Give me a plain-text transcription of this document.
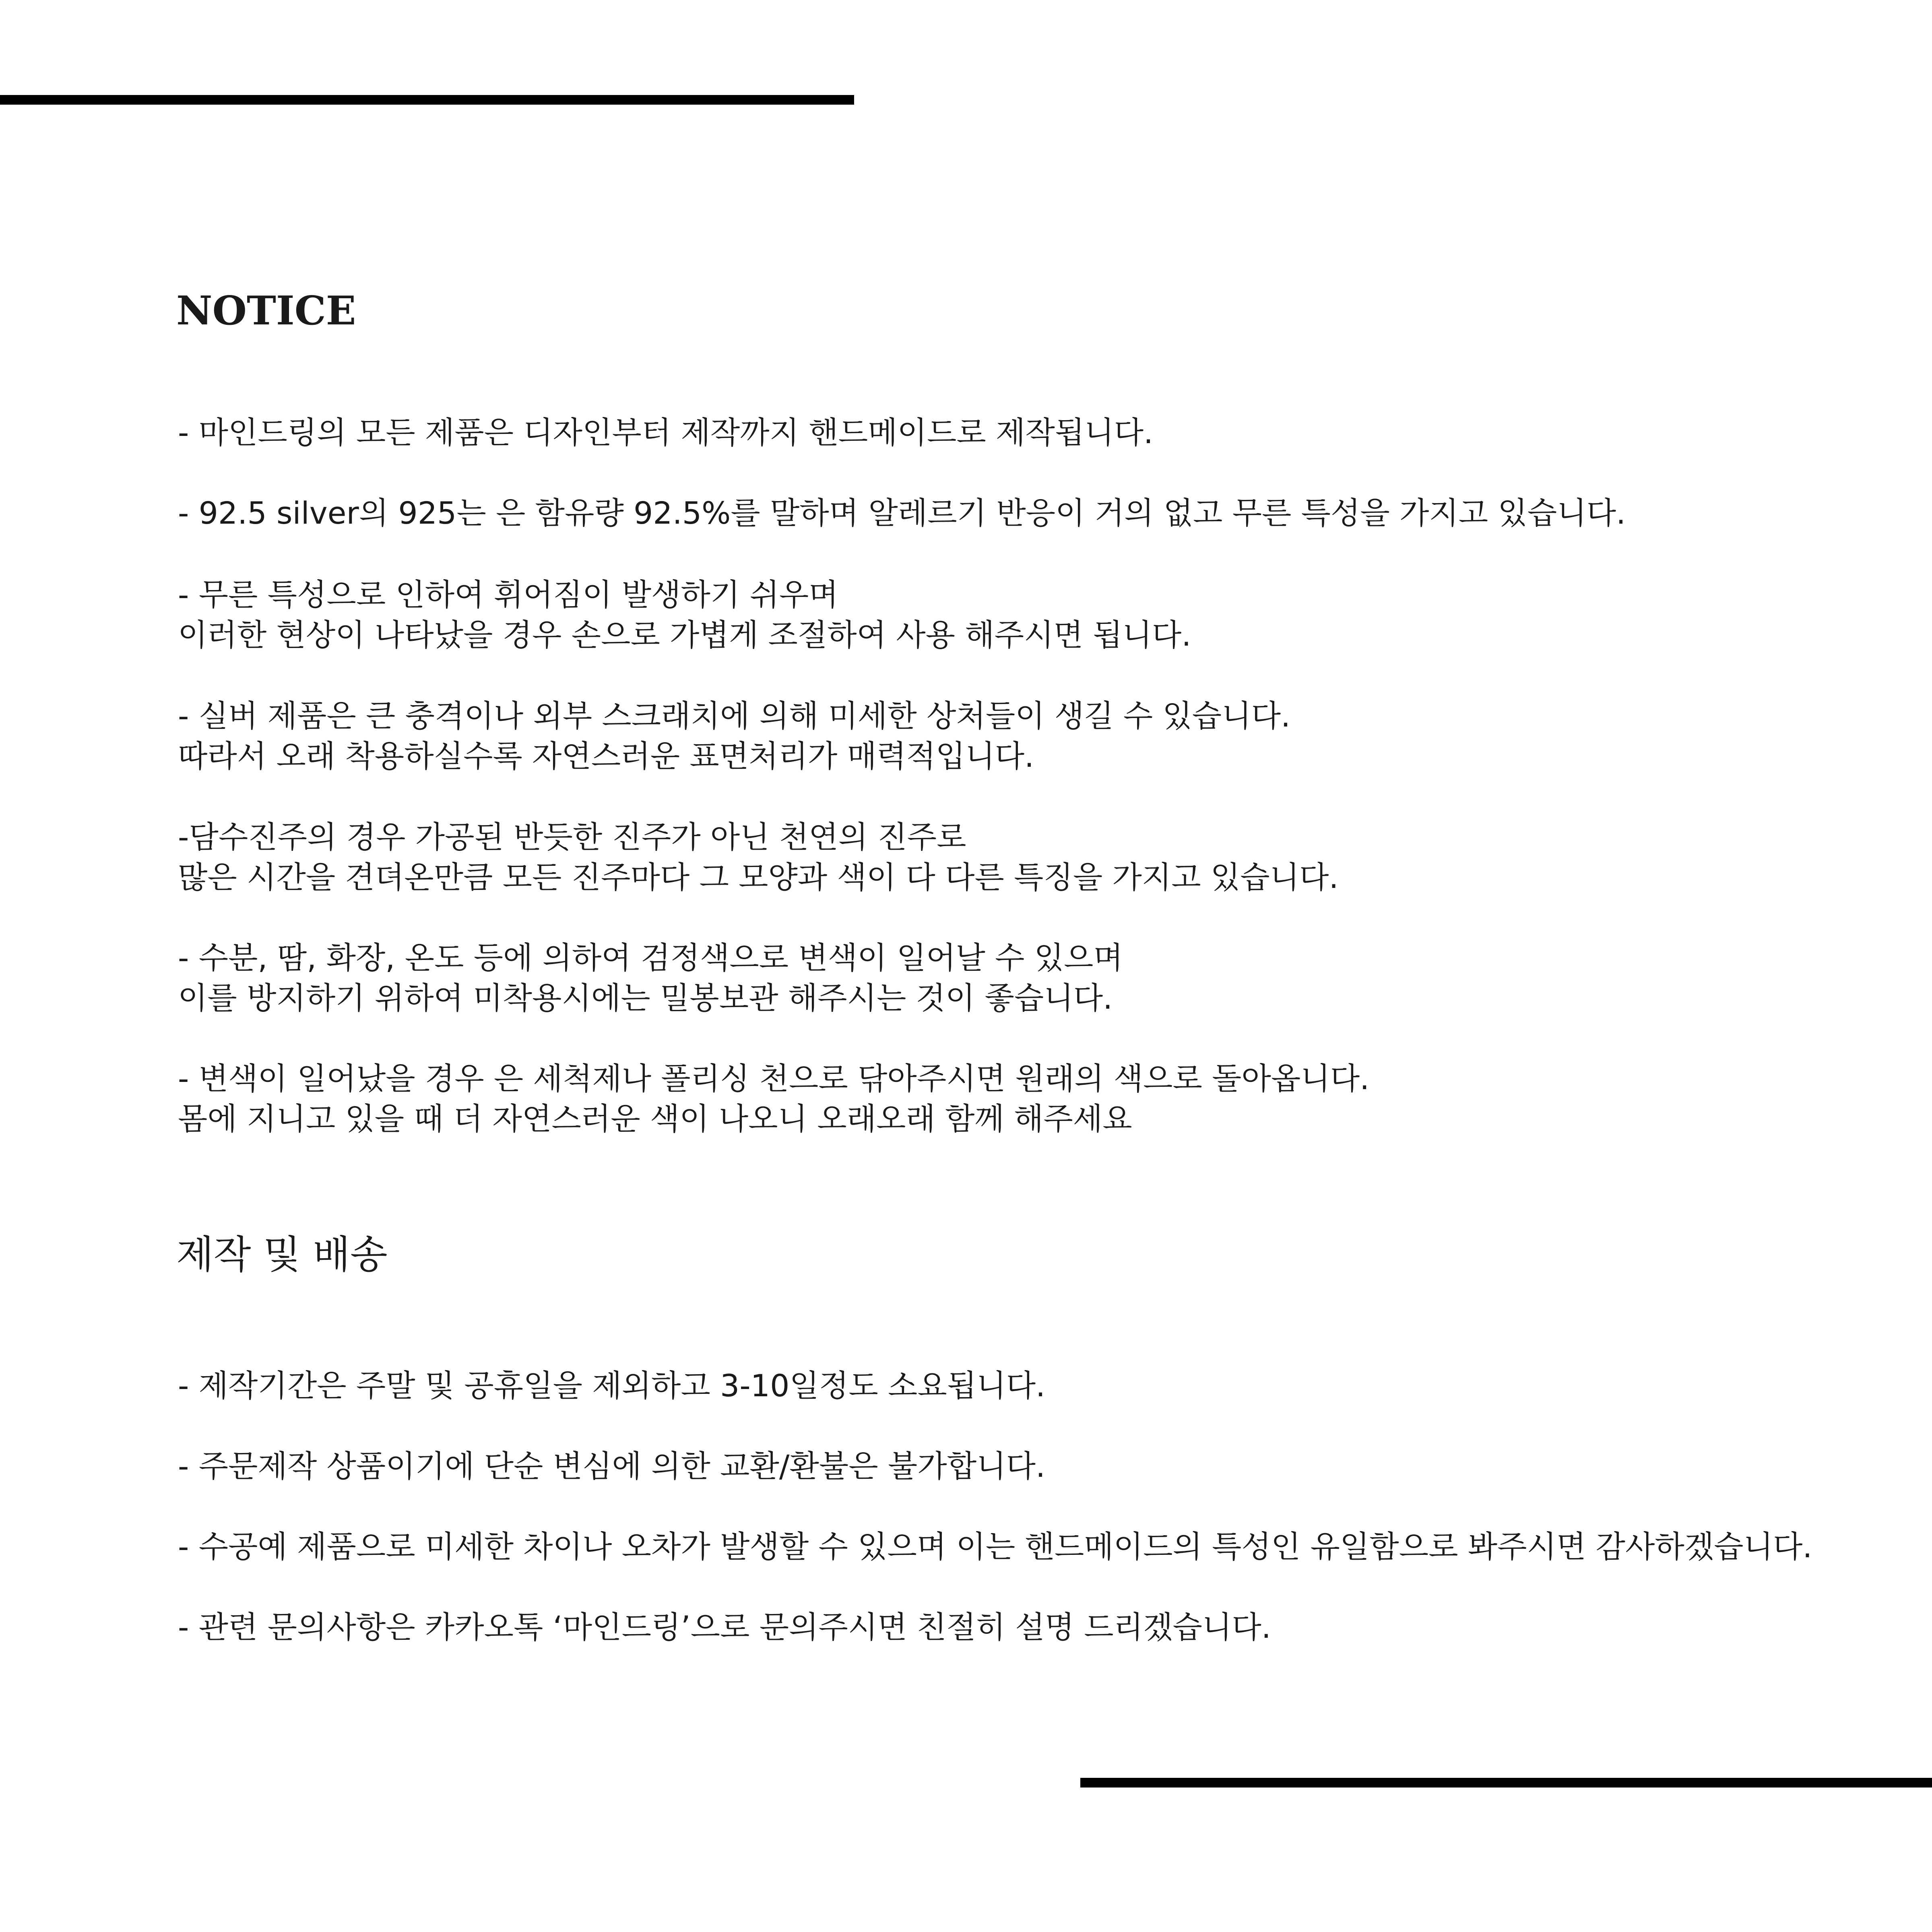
NOTICE
- 마인드링의 모든 제품은 디자인부터 제작까지 핸드메이드로 제작됩니다.
- 92.5 silver의 925는 은 함유량 92.5%를 말하며 알레르기 반응이 거의 없고 무른 특성을 가지고 있습니다.
- 무른 특성으로 인하여 휘어짐이 발생하기 쉬우며
이러한 현상이 나타났을 경우 손으로 가볍게 조절하여 사용 해주시면 됩니다.
- 실버 제품은 큰 충격이나 외부 스크래치에 의해 미세한 상처들이 생길 수 있습니다.
따라서 오래 착용하실수록 자연스러운 표면처리가 매력적입니다.
-담수진주의 경우 가공된 반듯한 진주가 아닌 천연의 진주로
많은 시간을 견뎌온만큼 모든 진주마다 그 모양과 색이 다 다른 특징을 가지고 있습니다.
- 수분, 땀, 화장, 온도 등에 의하여 검정색으로 변색이 일어날 수 있으며
이를 방지하기 위하여 미착용시에는 밀봉보관 해주시는 것이 좋습니다.
- 변색이 일어났을 경우 은 세척제나 폴리싱 천으로 닦아주시면 원래의 색으로 돌아옵니다.
몸에 지니고 있을 때 더 자연스러운 색이 나오니 오래오래 함께 해주세요
제작 및 배송
- 제작기간은 주말 및 공휴일을 제외하고 3-10일정도 소요됩니다.
- 주문제작 상품이기에 단순 변심에 의한 교환/환불은 불가합니다.
- 수공예 제품으로 미세한 차이나 오차가 발생할 수 있으며 이는 핸드메이드의 특성인 유일함으로 봐주시면 감사하겠습니다.
- 관련 문의사항은 카카오톡 ‘마인드링’으로 문의주시면 친절히 설명 드리겠습니다.
